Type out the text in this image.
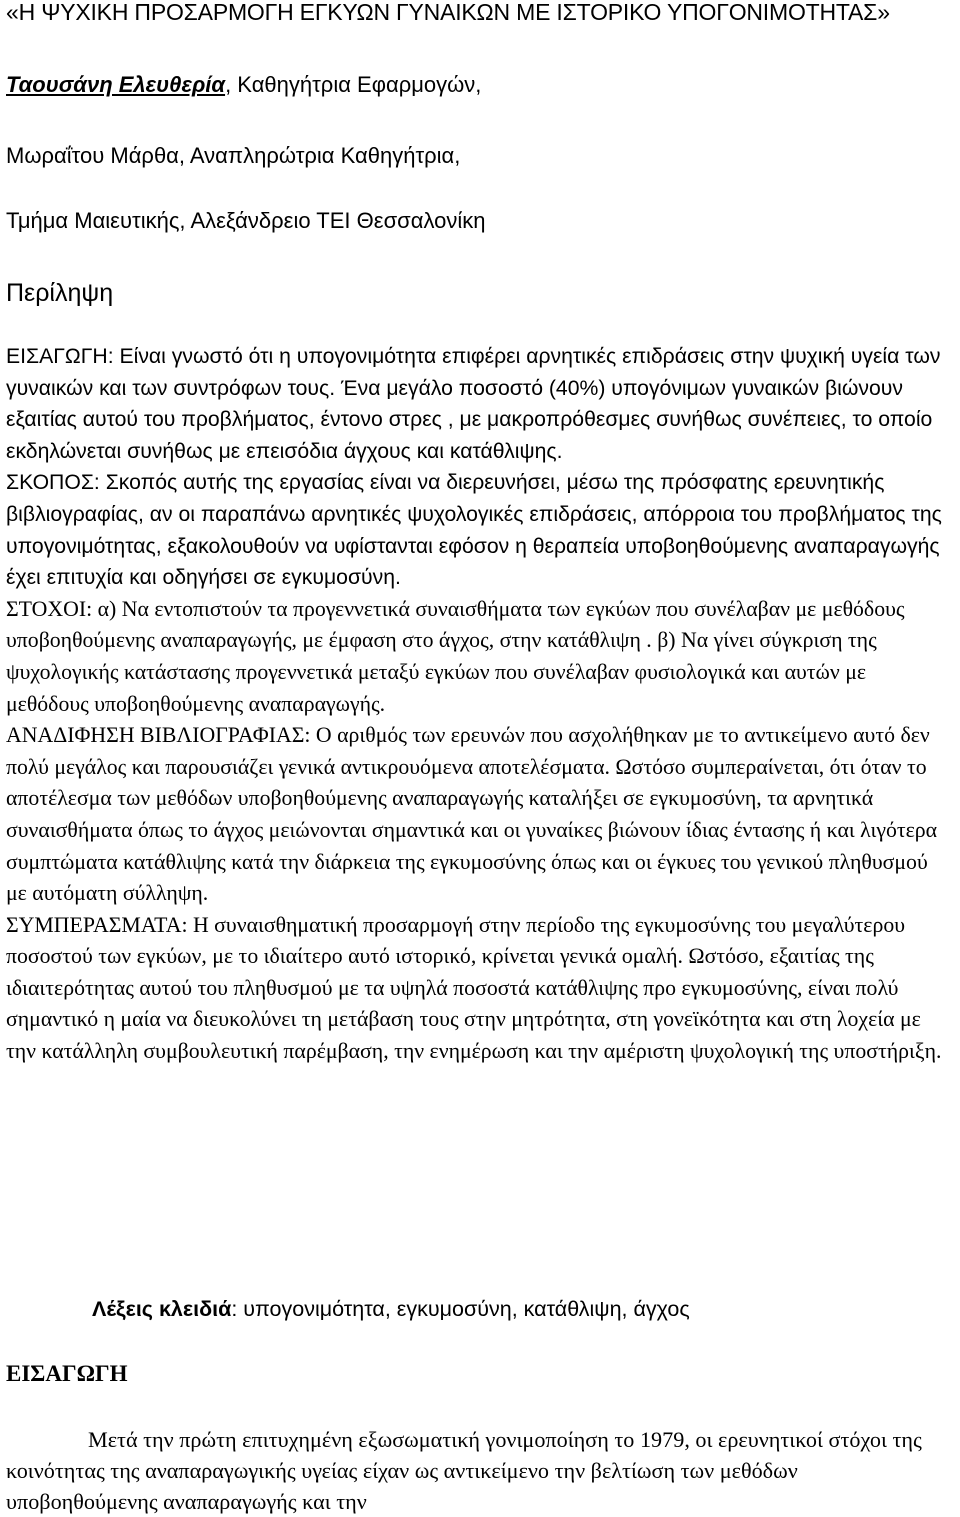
«Η ΨΥΧΙΚΗ ΠΡΟΣΑΡΜΟΓΗ ΕΓΚΥΩΝ ΓΥΝΑΙΚΩΝ ΜΕ ΙΣΤΟΡΙΚΟ ΥΠΟΓΟΝΙΜΟΤΗΤΑΣ»
Ταουσάνη Ελευθερία, Καθηγήτρια Εφαρμογών,
Μωραΐτου Μάρθα, Αναπληρώτρια Καθηγήτρια,
Τμήμα Μαιευτικής, Αλεξάνδρειο ΤΕΙ Θεσσαλονίκη
Περίληψη

ΕΙΣΑΓΩΓΗ: Είναι γνωστό ότι η υπογονιμότητα επιφέρει αρνητικές επιδράσεις στην ψυχική υγεία των γυναικών και των συντρόφων τους. Ένα μεγάλο ποσοστό (40%) υπογόνιμων γυναικών βιώνουν εξαιτίας αυτού του προβλήματος, έντονο στρες , με μακροπρόθεσμες συνήθως συνέπειες, το οποίο εκδηλώνεται συνήθως με επεισόδια άγχους και κατάθλιψης.

ΣΚΟΠΟΣ: Σκοπός αυτής της εργασίας είναι να διερευνήσει, μέσω της πρόσφατης ερευνητικής βιβλιογραφίας, αν οι παραπάνω αρνητικές ψυχολογικές επιδράσεις, απόρροια του προβλήματος της υπογονιμότητας, εξακολουθούν να υφίστανται εφόσον η θεραπεία υποβοηθούμενης αναπαραγωγής έχει επιτυχία και οδηγήσει σε εγκυμοσύνη.

ΣΤΟΧΟΙ: α) Να εντοπιστούν τα προγεννετικά συναισθήματα των εγκύων που συνέλαβαν με μεθόδους υποβοηθούμενης αναπαραγωγής, με έμφαση στο άγχος, στην κατάθλιψη . β) Να γίνει σύγκριση της ψυχολογικής κατάστασης προγεννετικά μεταξύ εγκύων που συνέλαβαν φυσιολογικά και αυτών με μεθόδους υποβοηθούμενης αναπαραγωγής.

ΑΝΑΔΙΦΗΣΗ ΒΙΒΛΙΟΓΡΑΦΙΑΣ: Ο αριθμός των ερευνών που ασχολήθηκαν με το αντικείμενο αυτό δεν πολύ μεγάλος και παρουσιάζει γενικά αντικρουόμενα αποτελέσματα. Ωστόσο συμπεραίνεται, ότι όταν το αποτέλεσμα των μεθόδων υποβοηθούμενης αναπαραγωγής καταλήξει σε εγκυμοσύνη, τα αρνητικά συναισθήματα όπως το άγχος μειώνονται σημαντικά και οι γυναίκες βιώνουν ίδιας έντασης ή και λιγότερα συμπτώματα κατάθλιψης κατά την διάρκεια της εγκυμοσύνης όπως και οι έγκυες του γενικού πληθυσμού με αυτόματη σύλληψη.

ΣΥΜΠΕΡΑΣΜΑΤΑ: Η συναισθηματική προσαρμογή στην περίοδο της εγκυμοσύνης του μεγαλύτερου ποσοστού των εγκύων, με το ιδιαίτερο αυτό ιστορικό, κρίνεται γενικά ομαλή. Ωστόσο, εξαιτίας της ιδιαιτερότητας αυτού του πληθυσμού με τα υψηλά ποσοστά κατάθλιψης προ εγκυμοσύνης, είναι πολύ σημαντικό η μαία να διευκολύνει τη μετάβαση τους στην μητρότητα, στη γονεϊκότητα και στη λοχεία με την κατάλληλη συμβουλευτική παρέμβαση, την ενημέρωση και την αμέριστη ψυχολογική της υποστήριξη.

Λέξεις κλειδιά: υπογονιμότητα, εγκυμοσύνη, κατάθλιψη, άγχος
ΕΙΣΑΓΩΓΗ

Μετά την πρώτη επιτυχημένη εξωσωματική γονιμοποίηση το 1979, οι ερευνητικοί στόχοι της κοινότητας της αναπαραγωγικής υγείας είχαν ως αντικείμενο την βελτίωση των μεθόδων υποβοηθούμενης αναπαραγωγής και την
